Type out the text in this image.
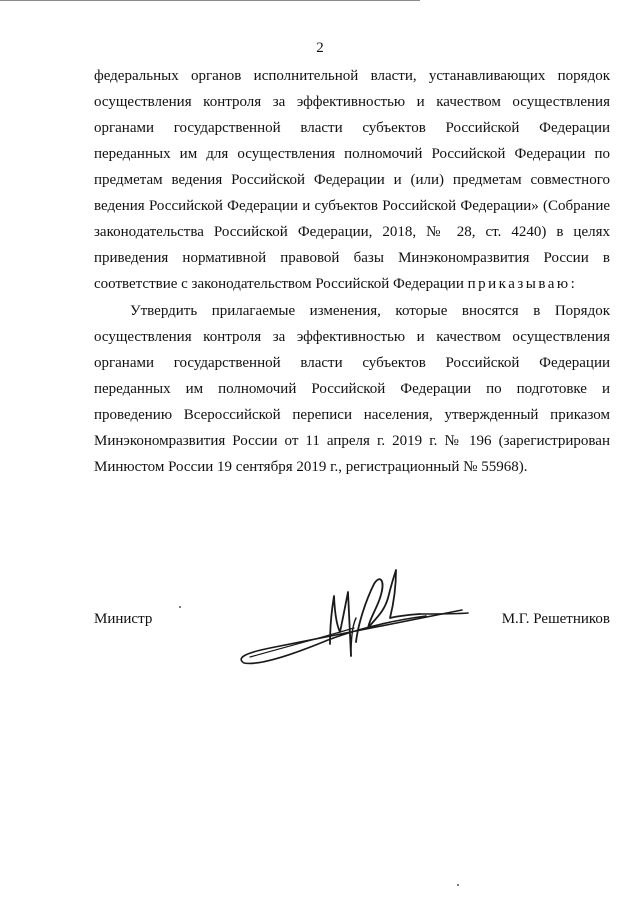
2

федеральных органов исполнительной власти, устанавливающих порядок осуществления контроля за эффективностью и качеством осуществления органами государственной власти субъектов Российской Федерации переданных им для осуществления полномочий Российской Федерации по предметам ведения Российской Федерации и (или) предметам совместного ведения Российской Федерации и субъектов Российской Федерации» (Собрание законодательства Российской Федерации, 2018, № 28, ст. 4240) в целях приведения нормативной правовой базы Минэкономразвития России в соответствие с законодательством Российской Федерации приказываю:

Утвердить прилагаемые изменения, которые вносятся в Порядок осуществления контроля за эффективностью и качеством осуществления органами государственной власти субъектов Российской Федерации переданных им полномочий Российской Федерации по подготовке и проведению Всероссийской переписи населения, утвержденный приказом Минэкономразвития России от 11 апреля г. 2019 г. № 196 (зарегистрирован Минюстом России 19 сентября 2019 г., регистрационный № 55968).

Министр	М.Г. Решетников
